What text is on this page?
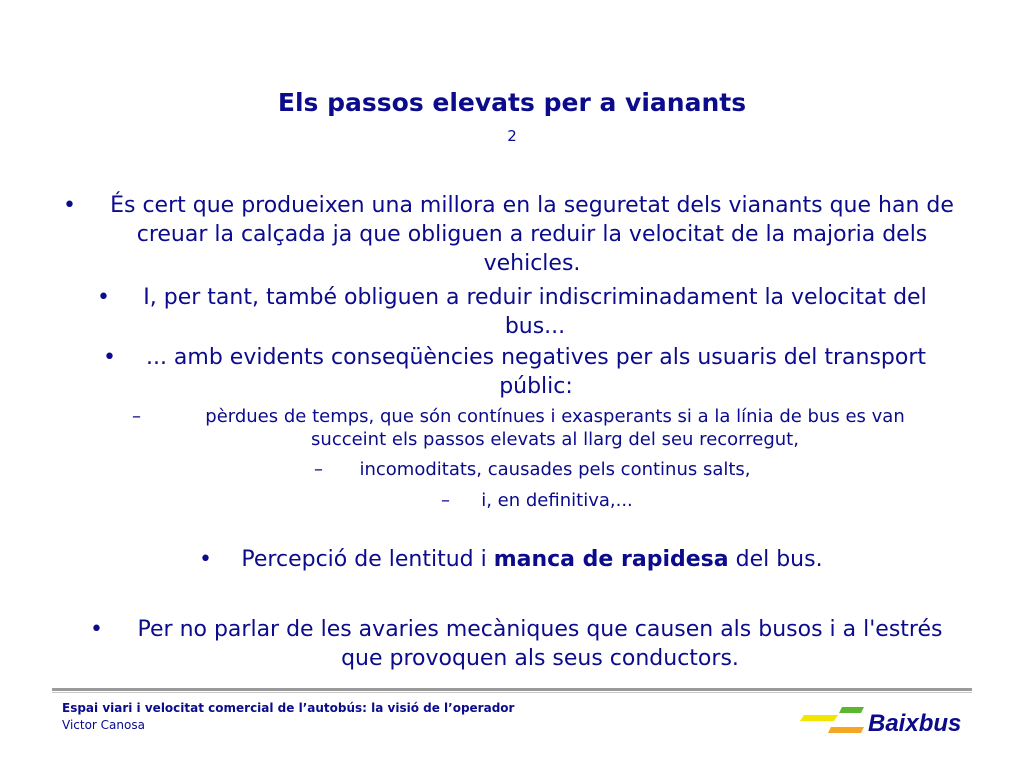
Els passos elevats per a vianants
2
•	És cert que produeixen una millora en la seguretat dels vianants que han de
creuar la calçada ja que obliguen a reduir la velocitat de la majoria dels
vehicles.
•	I, per tant, també obliguen a reduir indiscriminadament la velocitat del
bus...
•	... amb evidents conseqüències negatives per als usuaris del transport
públic:
–	pèrdues de temps, que són contínues i exasperants si a la línia de bus es van
succeint els passos elevats al llarg del seu recorregut,
–	incomoditats, causades pels continus salts,
–	i, en definitiva,...
•	Percepció de lentitud i manca de rapidesa del bus.
•	Per no parlar de les avaries mecàniques que causen als busos i a l'estrés
que provoquen als seus conductors.
Espai viari i velocitat comercial de l’autobús: la visió de l’operador
Victor Canosa	Baixbus
